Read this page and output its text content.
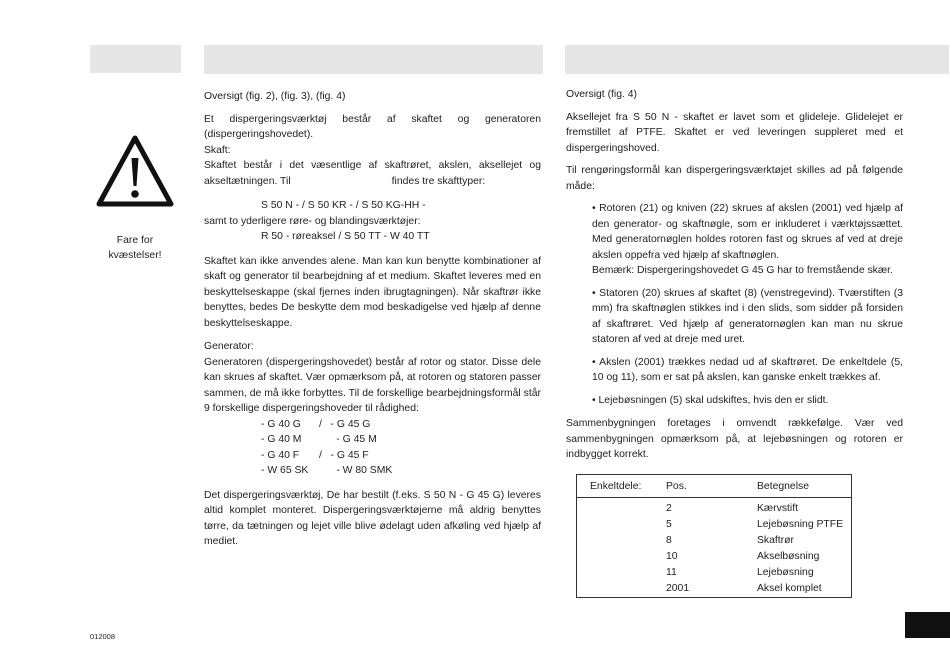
Fare for

kvæstelser!

Oversigt (fig. 2), (fig. 3), (fig. 4)

Et dispergeringsværktøj består af skaftet og generatoren (dispergeringshovedet).

Skaft:

Skaftet består i det væsentlige af skaftrøret, akslen, aksellejet og akseltætningen. Til                                   findes tre skafttyper:

S 50 N - / S 50 KR - / S 50 KG-HH -

samt to yderligere røre- og blandingsværktøjer:

R 50 - røreaksel / S 50 TT - W 40 TT

Skaftet kan ikke anvendes alene. Man kan kun benytte kombinationer af skaft og generator til bearbejdning af et medium. Skaftet leveres med en beskyttelseskappe (skal fjernes inden ibrugtagningen). Når skaftrør ikke benyttes, bedes De beskytte dem mod beskadigelse ved hjælp af denne beskyttelseskappe.

Generator:

Generatoren (dispergeringshovedet) består af rotor og stator. Disse dele kan skrues af skaftet. Vær opmærksom på, at rotoren og statoren passer sammen, de må ikke forbyttes. Til de forskellige bearbejdningsformål står 9 forskellige dispergeringshoveder til rådighed:

- G 40 G	/   - G 45 G
- G 40 M	- G 45 M
- G 40 F	/   - G 45 F
- W 65 SK	- W 80 SMK

Det dispergeringsværktøj, De har bestilt (f.eks. S 50 N - G 45 G) leveres altid komplet monteret. Dispergeringsværktøjerne må aldrig benyttes tørre, da tætningen og lejet ville blive ødelagt uden afkøling ved hjælp af mediet.

Oversigt (fig. 4)

Aksellejet fra S 50 N - skaftet er lavet som et glideleje. Glidelejet er fremstillet af PTFE. Skaftet er ved leveringen suppleret med et dispergeringshoved.

Til rengøringsformål kan dispergeringsværktøjet skilles ad på følgende måde:

• Rotoren (21) og kniven (22) skrues af akslen (2001) ved hjælp af den generator- og skaftnøgle, som er inkluderet i værktøjssættet. Med generatornøglen holdes rotoren fast og skrues af ved at dreje akslen oppefra ved hjælp af skaftnøglen.
Bemærk: Dispergeringshovedet G 45 G har to fremstående skær.

• Statoren (20) skrues af skaftet (8) (venstregevind). Tværstiften (3 mm) fra skaftnøglen stikkes ind i den slids, som sidder på forsiden af skaftrøret. Ved hjælp af generatornøglen kan man nu skrue statoren af ved at dreje med uret.

• Akslen (2001) trækkes nedad ud af skaftrøret. De enkeltdele (5, 10 og 11), som er sat på akslen, kan ganske enkelt trækkes af.

• Lejebøsningen (5) skal udskiftes, hvis den er slidt.

Sammenbygningen foretages i omvendt rækkefølge. Vær ved sammenbygningen opmærksom på, at lejebøsningen og rotoren er indbygget korrekt.

Enkeltdele: Pos.	Betegnelse
2	Kærvstift
5	Lejebøsning PTFE
8	Skaftrør
10	Akselbøsning
11	Lejebøsning
2001	Aksel komplet
012008
